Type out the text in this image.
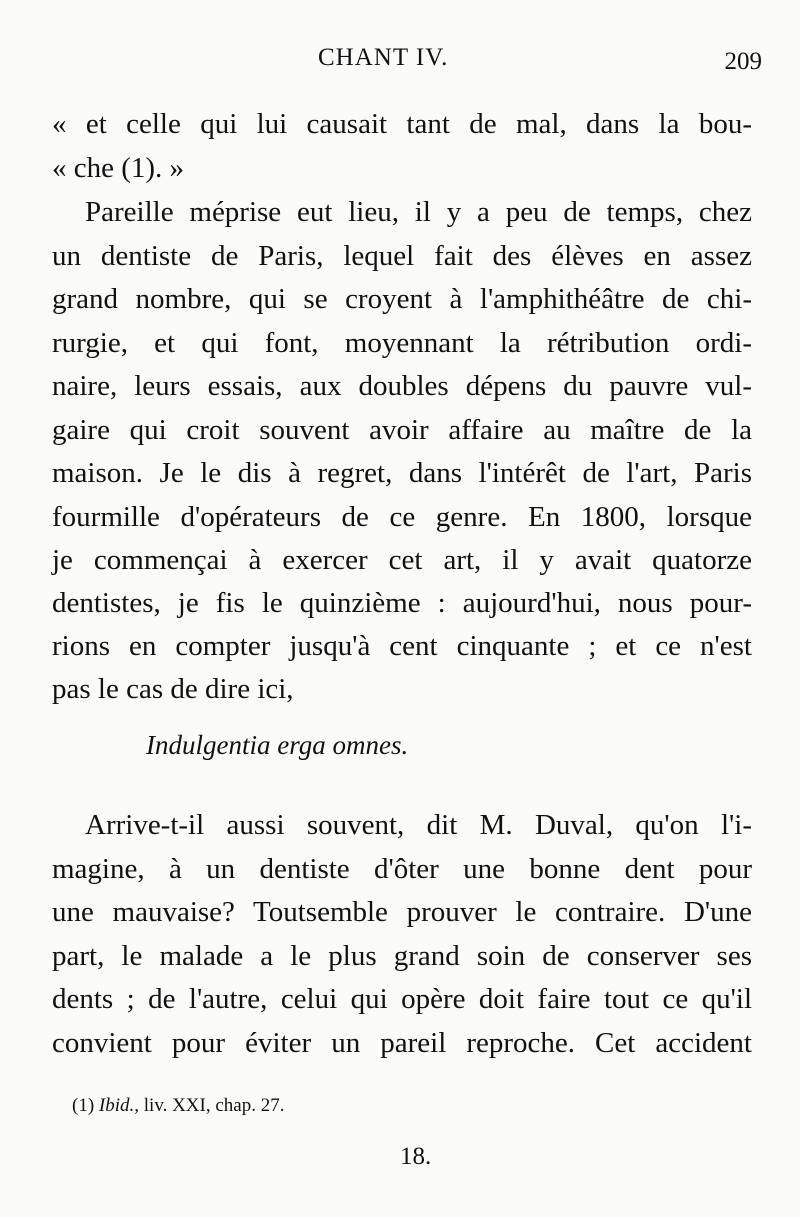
CHANT IV.	209
« et celle qui lui causait tant de mal, dans la bou-
« che (1). »
Pareille méprise eut lieu, il y a peu de temps, chez
un dentiste de Paris, lequel fait des élèves en assez
grand nombre, qui se croyent à l'amphithéâtre de chi-
rurgie, et qui font, moyennant la rétribution ordi-
naire, leurs essais, aux doubles dépens du pauvre vul-
gaire qui croit souvent avoir affaire au maître de la
maison. Je le dis à regret, dans l'intérêt de l'art, Paris
fourmille d'opérateurs de ce genre. En 1800, lorsque
je commençai à exercer cet art, il y avait quatorze
dentistes, je fis le quinzième : aujourd'hui, nous pour-
rions en compter jusqu'à cent cinquante ; et ce n'est
pas le cas de dire ici,
Indulgentia erga omnes.
Arrive-t-il aussi souvent, dit M. Duval, qu'on l'i-
magine, à un dentiste d'ôter une bonne dent pour
une mauvaise? Toutsemble prouver le contraire. D'une
part, le malade a le plus grand soin de conserver ses
dents ; de l'autre, celui qui opère doit faire tout ce qu'il
convient pour éviter un pareil reproche. Cet accident
(1) Ibid., liv. XXI, chap. 27.
18.
